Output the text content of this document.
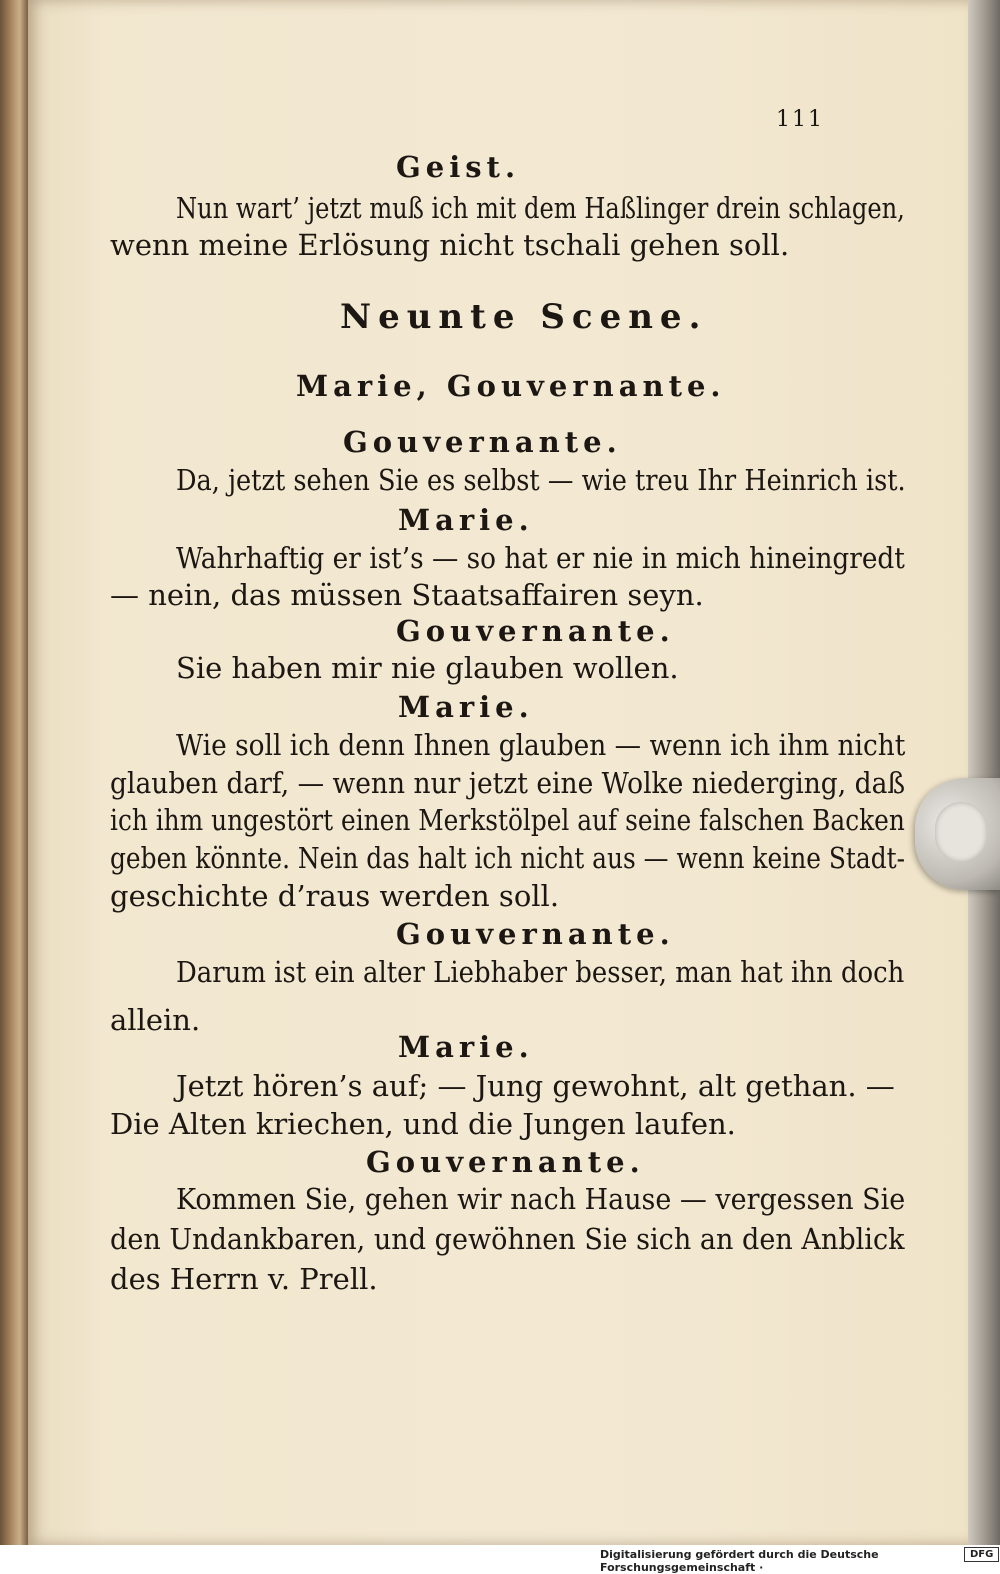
111
Geist.
Nun wart’ jetzt muß ich mit dem Haßlinger drein schlagen,
wenn meine Erlösung nicht tschali gehen soll.
Neunte Scene.
Marie, Gouvernante.
Gouvernante.
Da, jetzt sehen Sie es selbst — wie treu Ihr Heinrich ist.
Marie.
Wahrhaftig er ist’s — so hat er nie in mich hineingredt
— nein, das müssen Staatsaffairen seyn.
Gouvernante.
Sie haben mir nie glauben wollen.
Marie.
Wie soll ich denn Ihnen glauben — wenn ich ihm nicht
glauben darf, — wenn nur jetzt eine Wolke niederging, daß
ich ihm ungestört einen Merkstölpel auf seine falschen Backen
geben könnte. Nein das halt ich nicht aus — wenn keine Stadt-
geschichte d’raus werden soll.
Gouvernante.
Darum ist ein alter Liebhaber besser, man hat ihn doch
allein.
Marie.
Jetzt hören’s auf; — Jung gewohnt, alt gethan. —
Die Alten kriechen, und die Jungen laufen.
Gouvernante.
Kommen Sie, gehen wir nach Hause — vergessen Sie
den Undankbaren, und gewöhnen Sie sich an den Anblick
des Herrn v. Prell.
Digitalisierung gefördert durch die Deutsche Forschungsgemeinschaft ·
DFG
